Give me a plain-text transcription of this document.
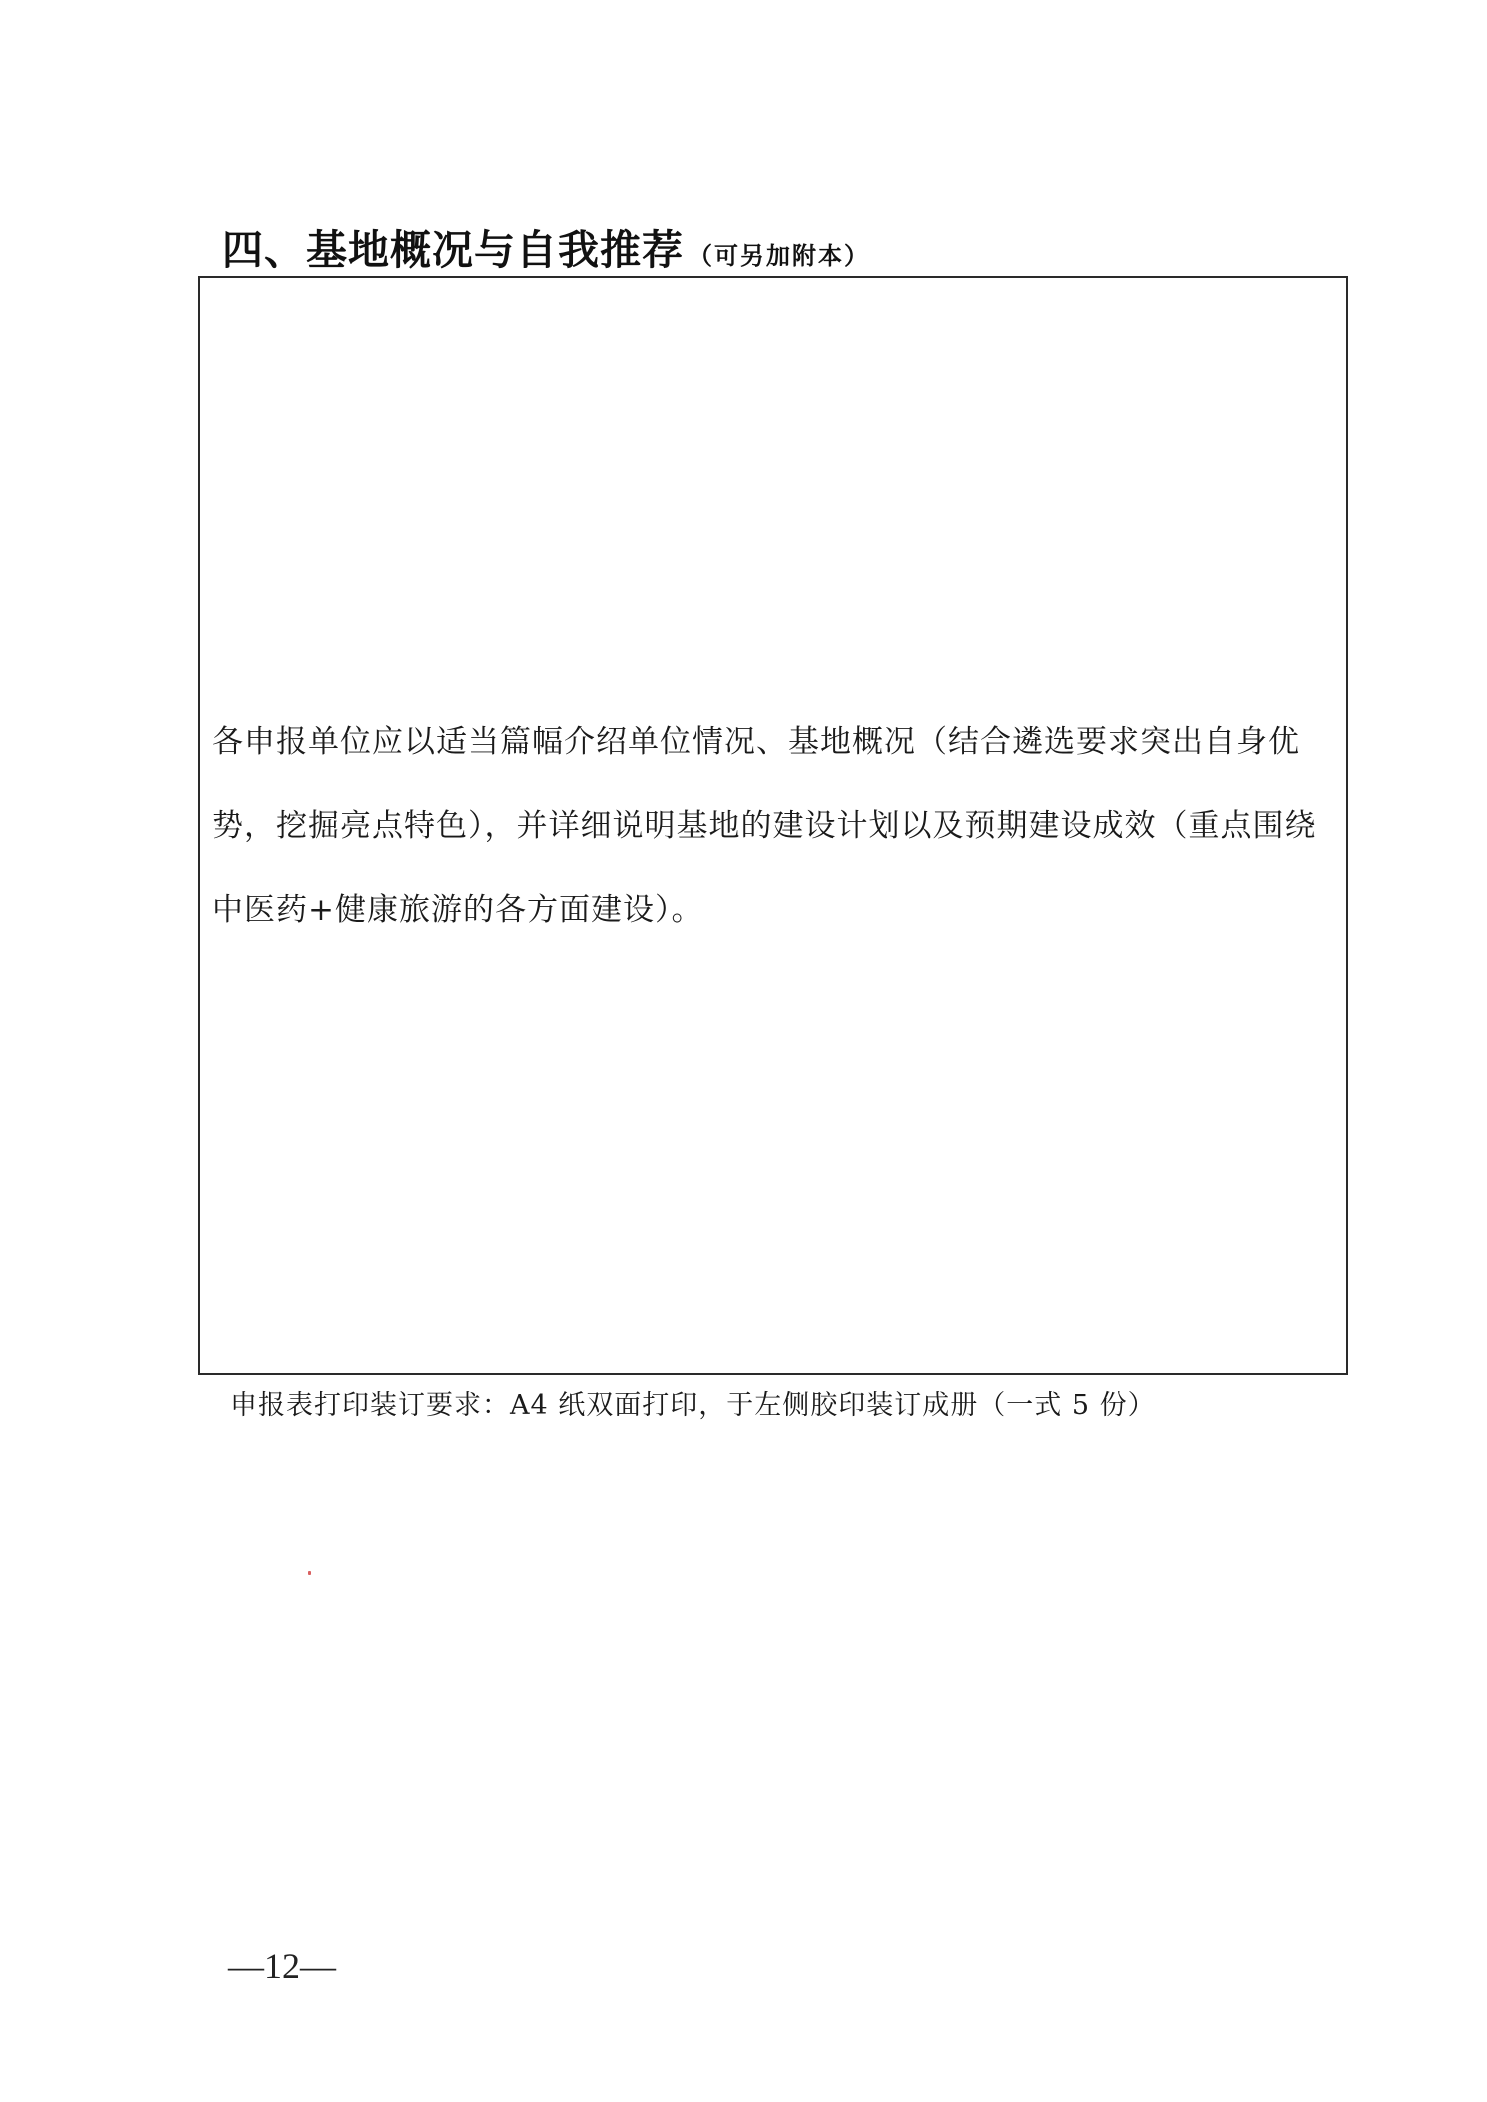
四、基地概况与自我推荐 （可另加附本）

各申报单位应以适当篇幅介绍单位情况、基地概况（结合遴选要求突出自身优势，挖掘亮点特色），并详细说明基地的建设计划以及预期建设成效（重点围绕中医药+健康旅游的各方面建设）。

申报表打印装订要求：A4 纸双面打印，于左侧胶印装订成册（一式 5 份）
—12—
